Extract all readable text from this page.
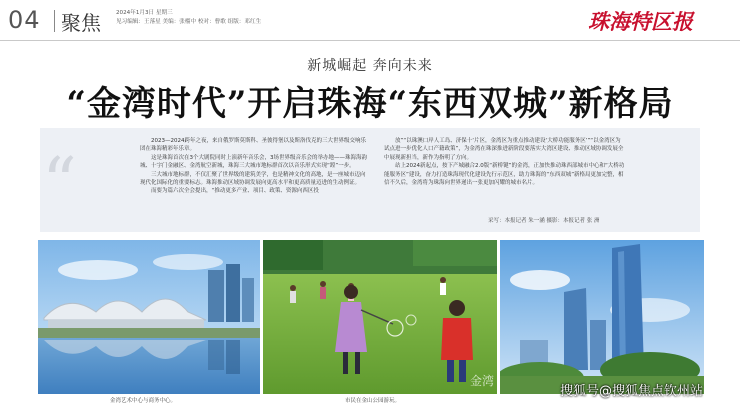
04 聚焦	2024年1月3日 星期三
见习编辑：王落星 美编：张榴中 校对：曹歌 组版：邓红生	珠海特区报
新城崛起 奔向未来
“金湾时代”开启珠海“东西双城”新格局
“

2023—2024跨年之夜，来自俄罗斯莫斯科、圣彼得堡以及斯洛伐克的三大世界级交响乐团在珠海精彩年乐章。

这是珠海首次在3个大剧院同时上演新年音乐会，3场世界级音乐会的举办地——珠海海韵城、十字门金融区、金湾航空新城，珠海三大城市地标群首次以音乐形式实现“蹚”一步。

三大城市地标群，不仅汇聚了世界级的建筑美学，也是精神文化的高地，是一座城市迈向现代化国际化的重要标志。珠海推动区域协调发展向更高水平和更高质量迈进的生动例证。

而要为篇六次全会提出，“推动更多产业、项目、政策、资源向西区投

放”“以珠澳口岸人工岛、济保十‘片区，金湾区为重点推动建设‘大桥功能服务区’”“以金湾区为试点进一步优化人口产籍政策”，为金湾在珠深推进新阶段要落实大湾区建设、推动区域协调发展全中展现新担当，新作为指明了方向。

站上2024新起点，按下产城融合2.0版“新桥键”的金湾，正加快推动珠西部城市中心和“大桥功能服务区”建设，奋力打造珠海现代化建设先行示范区，助力珠海的“东西双城”新格局更加完整，相信不久后，金湾将为珠海向世界递出一张更加闪耀的城市名片。

采写：本报记者 朱一涵 摄影：本报记者 张 洲
金湾艺术中心与商务中心。	市民在金山公园游玩。
金湾
搜狐号@搜狐焦点钦州站
